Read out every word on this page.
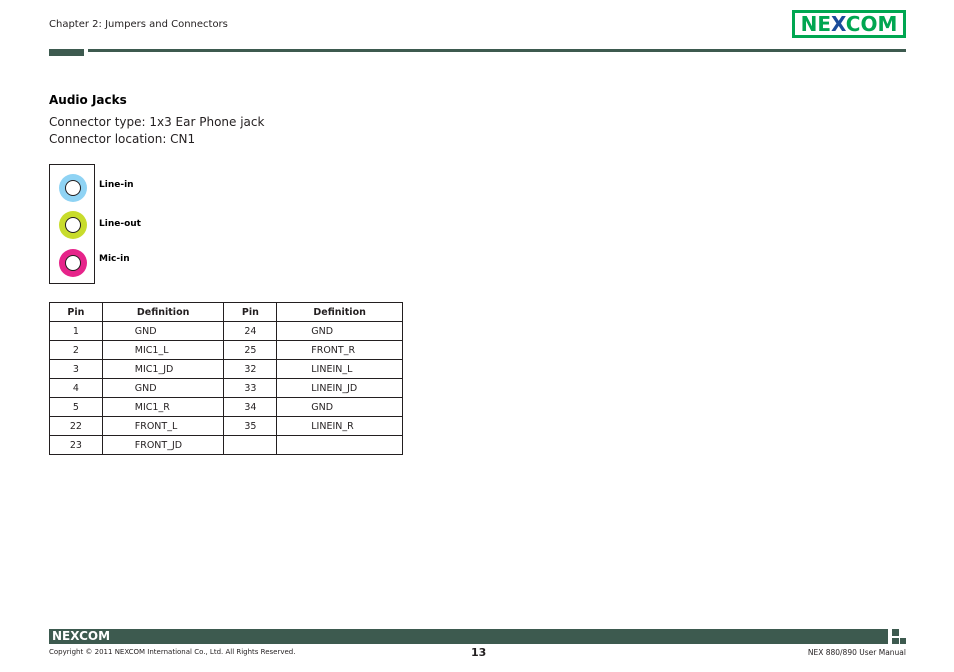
Chapter 2: Jumpers and Connectors	NEXCOM
Audio Jacks
Connector type: 1x3 Ear Phone jack
Connector location: CN1
Line-in
Line-out
Mic-in
Pin	Definition	Pin	Definition
1	GND	24	GND
2	MIC1_L	25	FRONT_R
3	MIC1_JD	32	LINEIN_L
4	GND	33	LINEIN_JD
5	MIC1_R	34	GND
22	FRONT_L	35	LINEIN_R
23	FRONT_JD		
NEXCOM
Copyright © 2011 NEXCOM International Co., Ltd. All Rights Reserved.	13	NEX 880/890 User Manual
